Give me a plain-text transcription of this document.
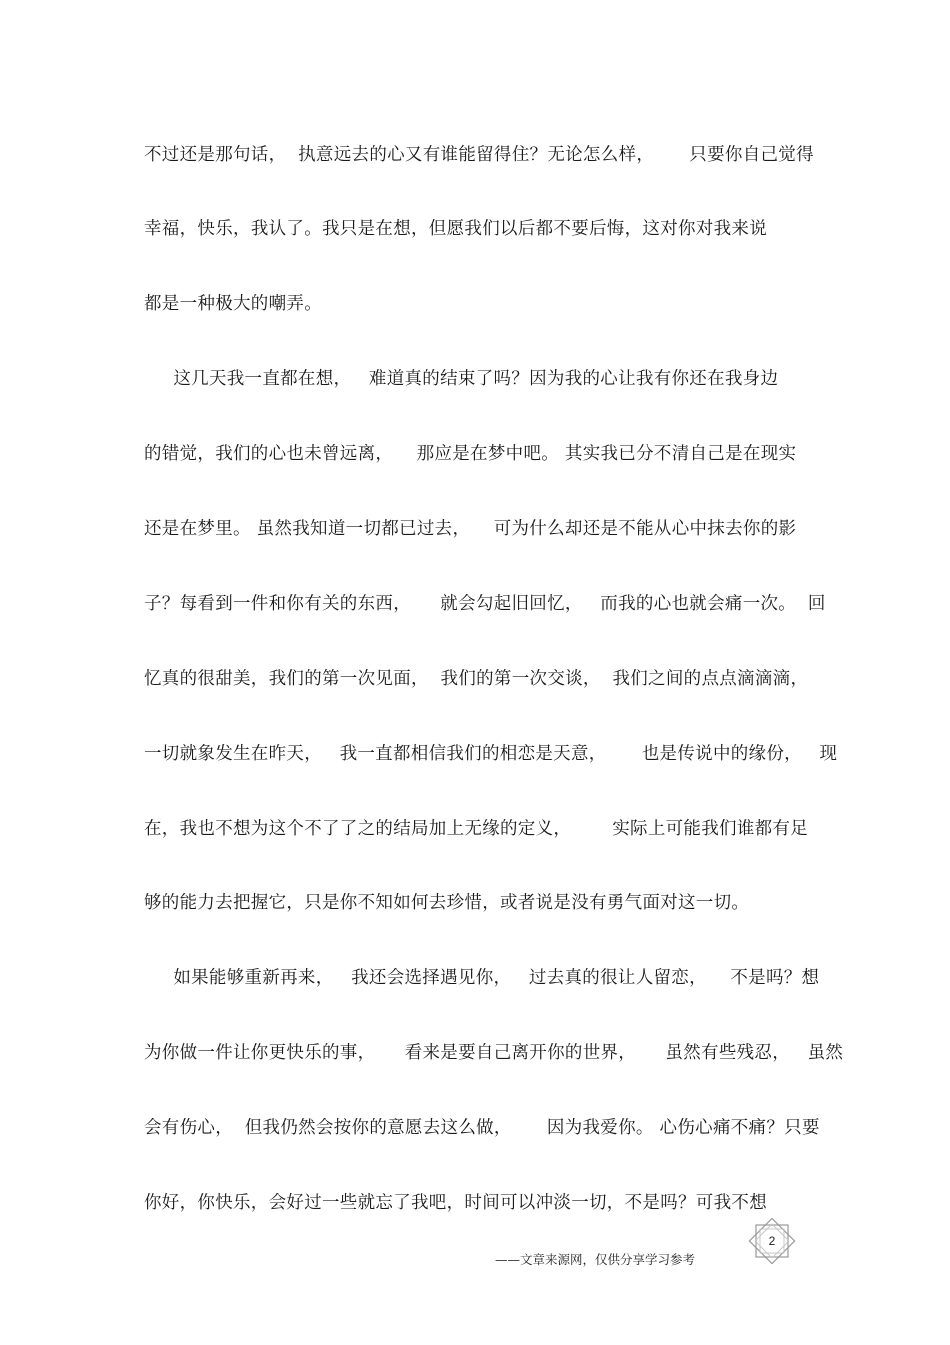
不过还是那句话，  执意远去的心又有谁能留得住？无论怎么样，      只要你自己觉得
幸福，快乐，我认了。我只是在想，但愿我们以后都不要后悔，这对你对我来说
都是一种极大的嘲弄。
这几天我一直都在想，   难道真的结束了吗？因为我的心让我有你还在我身边
的错觉，我们的心也未曾远离，    那应是在梦中吧。 其实我已分不清自己是在现实
还是在梦里。 虽然我知道一切都已过去，    可为什么却还是不能从心中抹去你的影
子？每看到一件和你有关的东西，     就会勾起旧回忆，   而我的心也就会痛一次。  回
忆真的很甜美，我们的第一次见面，  我们的第一次交谈，  我们之间的点点滴滴滴，
一切就象发生在昨天，   我一直都相信我们的相恋是天意，      也是传说中的缘份，   现
在，我也不想为这个不了了之的结局加上无缘的定义，       实际上可能我们谁都有足
够的能力去把握它，只是你不知如何去珍惜，或者说是没有勇气面对这一切。
如果能够重新再来，   我还会选择遇见你，   过去真的很让人留恋，    不是吗？想
为你做一件让你更快乐的事，     看来是要自己离开你的世界，     虽然有些残忍，   虽然
会有伤心，  但我仍然会按你的意愿去这么做，      因为我爱你。 心伤心痛不痛？只要
你好，你快乐，会好过一些就忘了我吧，时间可以冲淡一切，不是吗？可我不想
——文章来源网，仅供分享学习参考
2
